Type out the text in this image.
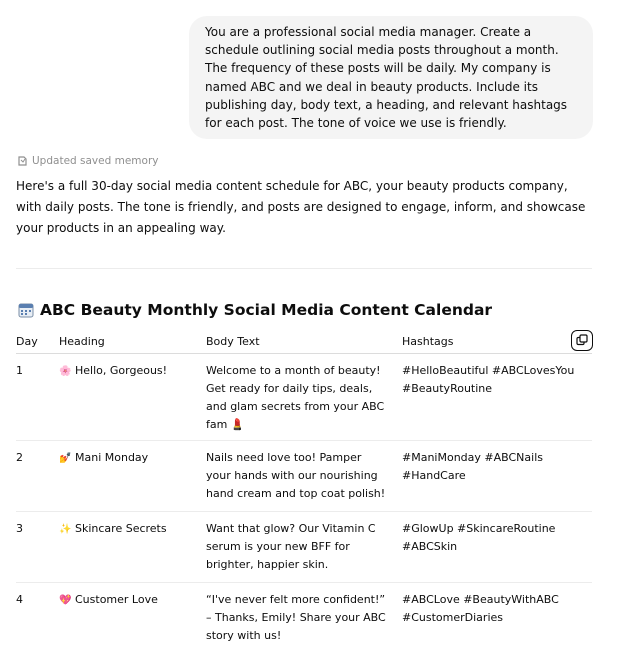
You are a professional social media manager. Create a schedule outlining social media posts throughout a month. The frequency of these posts will be daily. My company is named ABC and we deal in beauty products. Include its publishing day, body text, a heading, and relevant hashtags for each post. The tone of voice we use is friendly.
Updated saved memory
Here's a full 30-day social media content schedule for ABC, your beauty products company, with daily posts. The tone is friendly, and posts are designed to engage, inform, and showcase your products in an appealing way.
ABC Beauty Monthly Social Media Content Calendar
Day	Heading	Body Text	Hashtags
1	🌸 Hello, Gorgeous!	Welcome to a month of beauty! Get ready for daily tips, deals, and glam secrets from your ABC fam 💄	#HelloBeautiful #ABCLovesYou #BeautyRoutine
2	💅 Mani Monday	Nails need love too! Pamper your hands with our nourishing hand cream and top coat polish!	#ManiMonday #ABCNails #HandCare
3	✨ Skincare Secrets	Want that glow? Our Vitamin C serum is your new BFF for brighter, happier skin.	#GlowUp #SkincareRoutine #ABCSkin
4	💖 Customer Love	“I've never felt more confident!” – Thanks, Emily! Share your ABC story with us!	#ABCLove #BeautyWithABC #CustomerDiaries
